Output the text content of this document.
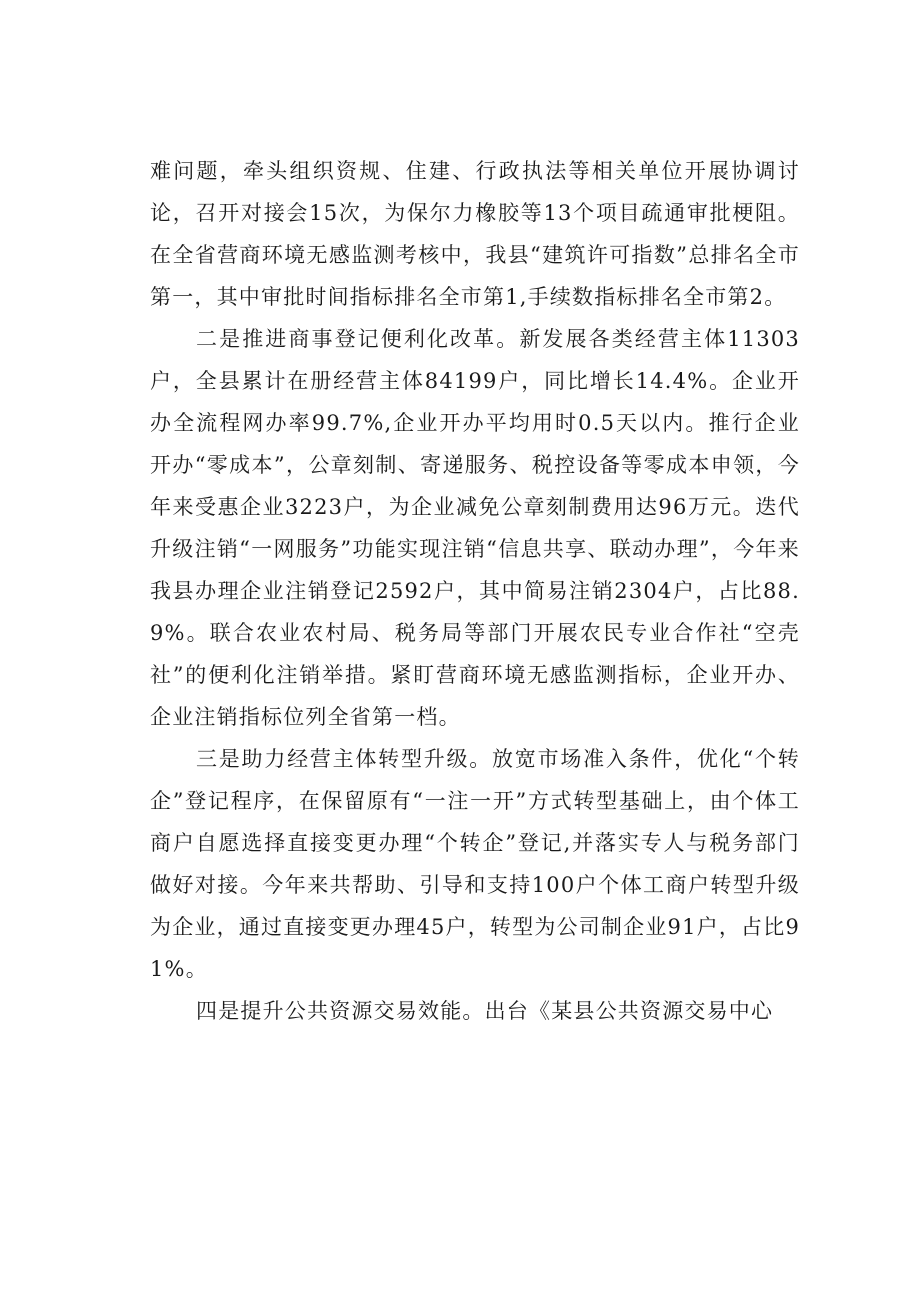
难问题，牵头组织资规、住建、行政执法等相关单位开展协调讨论，召开对接会15次，为保尔力橡胶等13个项目疏通审批梗阻。在全省营商环境无感监测考核中，我县“建筑许可指数”总排名全市第一，其中审批时间指标排名全市第1,手续数指标排名全市第2。

二是推进商事登记便利化改革。新发展各类经营主体11303户，全县累计在册经营主体84199户，同比增长14.4%。企业开办全流程网办率99.7%,企业开办平均用时0.5天以内。推行企业开办“零成本”，公章刻制、寄递服务、税控设备等零成本申领，今年来受惠企业3223户，为企业减免公章刻制费用达96万元。迭代升级注销“一网服务”功能实现注销“信息共享、联动办理”，今年来我县办理企业注销登记2592户，其中简易注销2304户，占比88.9%。联合农业农村局、税务局等部门开展农民专业合作社“空壳社”的便利化注销举措。紧盯营商环境无感监测指标，企业开办、企业注销指标位列全省第一档。

三是助力经营主体转型升级。放宽市场准入条件，优化“个转企”登记程序，在保留原有“一注一开”方式转型基础上，由个体工商户自愿选择直接变更办理“个转企”登记,并落实专人与税务部门做好对接。今年来共帮助、引导和支持100户个体工商户转型升级为企业，通过直接变更办理45户，转型为公司制企业91户，占比91%。

四是提升公共资源交易效能。出台《某县公共资源交易中心
